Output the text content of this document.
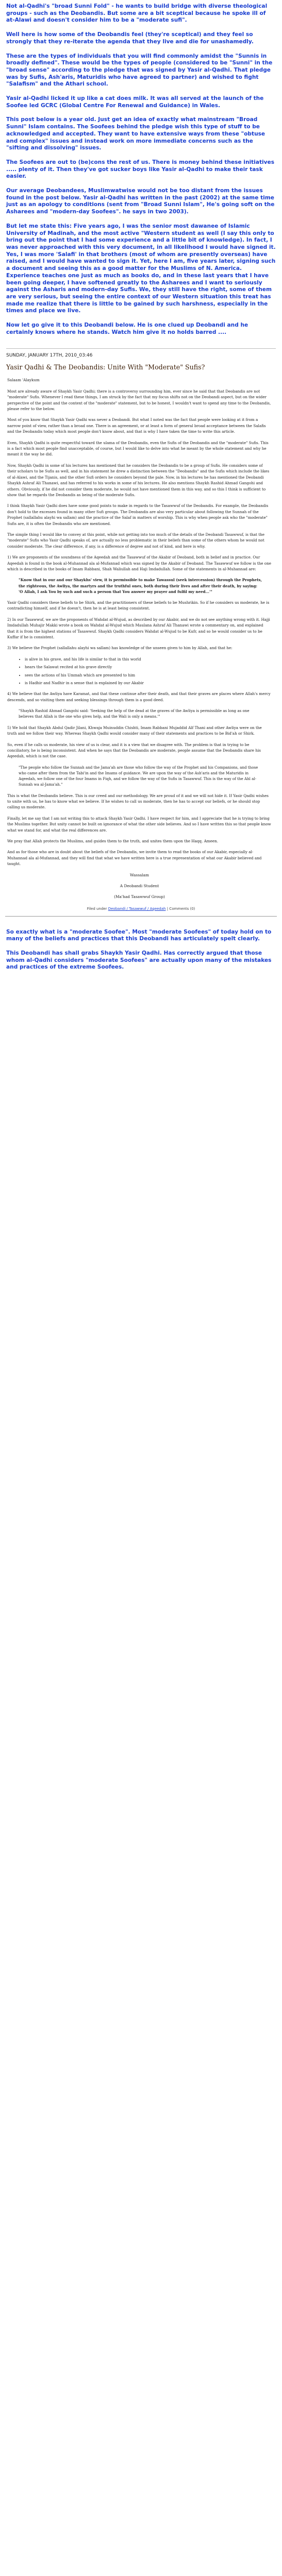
Not al-Qadhi's "broad Sunni Fold" - he wants to build bridge with diverse theological groups - such as the Deobandis. But some are a bit sceptical because he spoke ill of at-Alawi and doesn't consider him to be a "moderate sufi".

Well here is how some of the Deobandis feel (they're sceptical) and they feel so strongly that they re-iterate the agenda that they live and die for unashamedly.

These are the types of individuals that you will find commonly amidst the "Sunnis in broadly defined". These would be the types of people (considered to be "Sunni" in the "broad sense" according to the pledge that was signed by Yasir al-Qadhi. That pledge was by Sufis, Ash'aris, Maturidis who have agreed to partner) and wished to fight "Salafism" and the Athari school.

Yasir al-Qadhi licked it up like a cat does milk. It was all served at the launch of the Soofee led GCRC (Global Centre For Renewal and Guidance) in Wales.

This post below is a year old. Just get an idea of exactly what mainstream "Broad Sunni" Islam contains. The Soofees behind the pledge wish this type of stuff to be acknowledged and accepted. They want to have extensive ways from these "obtuse and complex" issues and instead work on more immediate concerns such as the "sifting and dissolving" issues.

The Soofees are out to (be)cons the rest of us. There is money behind these initiatives ..... plenty of it. Then they've got sucker boys like Yasir al-Qadhi to make their task easier.

Our average Deobandees, Muslimwatwise would not be too distant from the issues found in the post below. Yasir al-Qadhi has written in the past (2002) at the same time just as an apology to conditions (sent from "Broad Sunni Islam", He's going soft on the Asharees and "modern-day Soofees". he says in two 2003).

But let me state this: Five years ago, I was the senior most dawanee of Islamic University of Madinah, and the most active "Western student as well (I say this only to bring out the point that I had some experience and a little bit of knowledge). In fact, I was never approached with this very document, in all likelihood I would have signed it. Yes, I was more 'Salafi' in that brothers (most of whom are presently overseas) have raised, and I would have wanted to sign it. Yet, here I am, five years later, signing such a document and seeing this as a good matter for the Muslims of N. America. Experience teaches one just as much as books do, and in these last years that I have been going deeper, I have softened greatly to the Asharees and I want to seriously against the Asharis and modern-day Sufis. We, they still have the right, some of them are very serious, but seeing the entire context of our Western situation this treat has made me realize that there is little to be gained by such harshness, especially in the times and place we live.

Now let go give it to this Deobandi below. He is one clued up Deobandi and he certainly knows where he stands. Watch him give it no holds barred ....

SUNDAY, JANUARY 17TH, 2010_03:46
Yasir Qadhi & The Deobandis: Unite With "Moderate" Sufis?

Salaam 'Alaykum

Most are already aware of Shaykh Yasir Qadhi; there is a controversy surrounding him, ever since he said that that Deobandis are not "moderate" Sufis. Whenever I read these things, I am struck by the fact that my focus shifts not on the Deobandi aspect, but on the wider perspective of the point and the context of the "moderate" statement, but to be honest, I wouldn't want to spend any time to the Deobandis, please refer to the below.

Most of you know that Shaykh Yasir Qadhi was never a Deobandi. But what I noted was the fact that people were looking at it from a narrow point of view, rather than a broad one. There is an agreement, or at least a form of general broad acceptance between the Salafis and the Deobandis today which most people don't know about, and that is why I have taken the time to write this article.

Even, Shaykh Qadhi is quite respectful toward the ulama of the Deobandis, even the Sufis of the Deobandis and the "moderate" Sufis. This is a fact which most people find unacceptable, of course, but I would like to delve into what he meant by the whole statement and why he meant it the way he did.

Now, Shaykh Qadhi in some of his lectures has mentioned that he considers the Deobandis to be a group of Sufis. He considers some of their scholars to be Sufis as well, and in his statement he drew a distinction between the "Deobandis" and the Sufis which include the likes of al-Alawi, and the Tijanis, and the other Sufi orders he considers beyond the pale. Now, in his lectures he has mentioned the Deobandi Shaykh Ashraf Ali Thanawi, and has referred to his works in some of his lectures. He also mentions Shaykh Rashid Ahmad Gangohi and others. Obviously, if he did not consider them moderate, he would not have mentioned them in this way, and so this I think is sufficient to show that he regards the Deobandis as being of the moderate Sufis.

I think Shaykh Yasir Qadhi does have some good points to make in regards to the Tasawwuf of the Deobandis. For example, the Deobandis don't hold to the excesses found in many other Sufi groups. The Deobandis are also very particular about following the Sunnah of the Prophet (sallallahu alayhi wa sallam) and the practice of the Salaf in matters of worship. This is why when people ask who the "moderate" Sufis are, it is often the Deobandis who are mentioned.

The simple thing I would like to convey at this point, while not getting into too much of the details of the Deobandi Tasawwuf, is that the "moderate" Sufis who Yasir Qadhi speaks of, are actually no less problematic in their beliefs than some of the others whom he would not consider moderate. The clear difference, if any, is a difference of degree and not of kind, and here is why.

1) We are proponents of the soundness of the Aqeedah and the Tasawwuf of the Akabir of Deoband, both in belief and in practice. Our Aqeedah is found in the book al-Muhannad ala al-Mufannad which was signed by the Akabir of Deoband. The Tasawwuf we follow is the one which is described in the books of Imam Rabbani, Shah Waliullah and Haji Imdadullah. Some of the statements in al-Muhannad are:

"Know that in our and our Shaykhs' view, it is permissible to make Tawassul (seek intercession) through the Prophets, the righteous, the Awliya, the martyrs and the truthful ones, both during their lives and after their death, by saying: 'O Allah, I ask You by such and such a person that You answer my prayer and fulfil my need...'"

Yasir Qadhi considers these beliefs to be Shirk, and the practitioners of these beliefs to be Mushrikin. So if he considers us moderate, he is contradicting himself, and if he doesn't, then he is at least being consistent.

2) In our Tasawwuf, we are the proponents of Wahdat al-Wujud, as described by our Akabir, and we do not see anything wrong with it. Hajji Imdadullah Muhajir Makki wrote a book on Wahdat al-Wujud which Maulana Ashraf Ali Thanawi wrote a commentary on, and explained that it is from the highest stations of Tasawwuf. Shaykh Qadhi considers Wahdat al-Wujud to be Kufr, and so he would consider us to be Kuffar if he is consistent.

3) We believe the Prophet (sallallahu alayhi wa sallam) has knowledge of the unseen given to him by Allah, and that he:

• is alive in his grave, and his life is similar to that in this world
• hears the Salawat recited at his grave directly
• sees the actions of his Ummah which are presented to him
• is Hadhir and Nadhir in a sense that is explained by our Akabir

4) We believe that the Awliya have Karamat, and that these continue after their death, and that their graves are places where Allah's mercy descends, and so visiting them and seeking blessings through them is a good deed.

"Shaykh Rashid Ahmad Gangohi said: 'Seeking the help of the dead at the graves of the Awliya is permissible as long as one believes that Allah is the one who gives help, and the Wali is only a means.'"

5) We hold that Shaykh Abdul Qadir Jilani, Khwaja Muinuddin Chishti, Imam Rabbani Mujaddid Alf Thani and other Awliya were on the truth and we follow their way. Whereas Shaykh Qadhi would consider many of their statements and practices to be Bid'ah or Shirk.

So, even if he calls us moderate, his view of us is clear, and it is a view that we disagree with. The problem is that in trying to be conciliatory, he is being inconsistent. And when he says that the Deobandis are moderate, people assume that the Deobandis share his Aqeedah, which is not the case.

"The people who follow the Sunnah and the Jama'ah are those who follow the way of the Prophet and his Companions, and those who came after them from the Tabi'in and the Imams of guidance. We are upon the way of the Ash'aris and the Maturidis in Aqeedah, we follow one of the four Imams in Fiqh, and we follow the way of the Sufis in Tasawwuf. This is the way of the Ahl al-Sunnah wa al-Jama'ah."

This is what the Deobandis believe. This is our creed and our methodology. We are proud of it and we will not hide it. If Yasir Qadhi wishes to unite with us, he has to know what we believe. If he wishes to call us moderate, then he has to accept our beliefs, or he should stop calling us moderate.

Finally, let me say that I am not writing this to attack Shaykh Yasir Qadhi. I have respect for him, and I appreciate that he is trying to bring the Muslims together. But unity cannot be built on ignorance of what the other side believes. And so I have written this so that people know what we stand for, and what the real differences are.

We pray that Allah protects the Muslims, and guides them to the truth, and unites them upon the Haqq. Ameen.

And as for those who are in doubt about the beliefs of the Deobandis, we invite them to read the books of our Akabir, especially al-Muhannad ala al-Mufannad, and they will find that what we have written here is a true representation of what our Akabir believed and taught.

Wassalam

A Deobandi Student

(Ma'had Tasawwuf Group)

Filed under Deobandi / Tasawwuf / Aqeedah | Comments (0)

So exactly what is a "moderate Soofee". Most "moderate Soofees" of today hold on to many of the beliefs and practices that this Deobandi has articulately spelt clearly.

This Deobandi has shall grabs Shaykh Yasir Qadhi. Has correctly argued that those whom al-Qadhi considers "moderate Soofees" are actually upon many of the mistakes and practices of the extreme Soofees.
